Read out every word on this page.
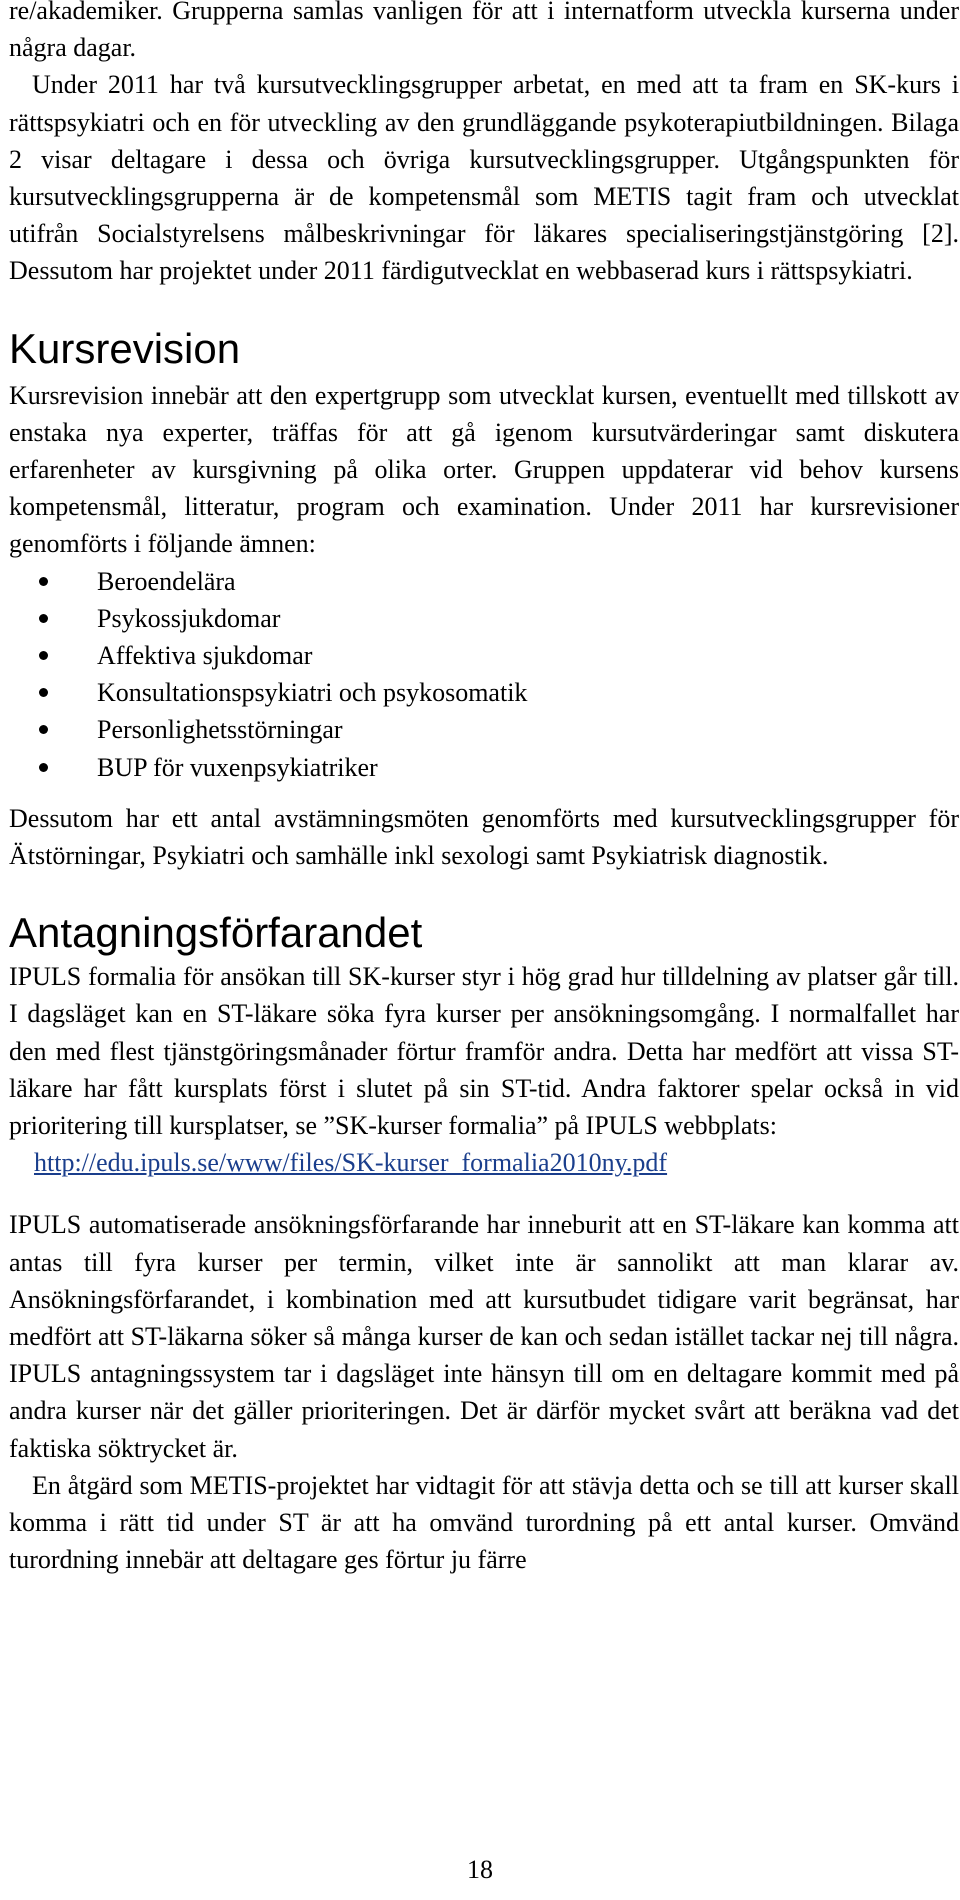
re/akademiker. Grupperna samlas vanligen för att i internatform utveckla kurserna under några dagar.

Under 2011 har två kursutvecklingsgrupper arbetat, en med att ta fram en SK-kurs i rättspsykiatri och en för utveckling av den grundläggande psykoterapiutbildningen. Bilaga 2 visar deltagare i dessa och övriga kursutvecklingsgrupper. Utgångspunkten för kursutvecklingsgrupperna är de kompetensmål som METIS tagit fram och utvecklat utifrån Socialstyrelsens målbeskrivningar för läkares specialiseringstjänstgöring [2]. Dessutom har projektet under 2011 färdigutvecklat en webbaserad kurs i rättspsykiatri.

Kursrevision

Kursrevision innebär att den expertgrupp som utvecklat kursen, eventuellt med tillskott av enstaka nya experter, träffas för att gå igenom kursutvärderingar samt diskutera erfarenheter av kursgivning på olika orter. Gruppen uppdaterar vid behov kursens kompetensmål, litteratur, program och examination. Under 2011 har kursrevisioner genomförts i följande ämnen:

Beroendelära
Psykossjukdomar
Affektiva sjukdomar
Konsultationspsykiatri och psykosomatik
Personlighetsstörningar
BUP för vuxenpsykiatriker

Dessutom har ett antal avstämningsmöten genomförts med kursutvecklingsgrupper för Ätstörningar, Psykiatri och samhälle inkl sexologi samt Psykiatrisk diagnostik.

Antagningsförfarandet

IPULS formalia för ansökan till SK-kurser styr i hög grad hur tilldelning av platser går till. I dagsläget kan en ST-läkare söka fyra kurser per ansökningsomgång. I normalfallet har den med flest tjänstgöringsmånader förtur framför andra. Detta har medfört att vissa ST-läkare har fått kursplats först i slutet på sin ST-tid. Andra faktorer spelar också in vid prioritering till kursplatser, se ”SK-kurser formalia” på IPULS webbplats:

http://edu.ipuls.se/www/files/SK-kurser_formalia2010ny.pdf

IPULS automatiserade ansökningsförfarande har inneburit att en ST-läkare kan komma att antas till fyra kurser per termin, vilket inte är sannolikt att man klarar av. Ansökningsförfarandet, i kombination med att kursutbudet tidigare varit begränsat, har medfört att ST-läkarna söker så många kurser de kan och sedan istället tackar nej till några. IPULS antagningssystem tar i dagsläget inte hänsyn till om en deltagare kommit med på andra kurser när det gäller prioriteringen. Det är därför mycket svårt att beräkna vad det faktiska söktrycket är.

En åtgärd som METIS-projektet har vidtagit för att stävja detta och se till att kurser skall komma i rätt tid under ST är att ha omvänd turordning på ett antal kurser. Omvänd turordning innebär att deltagare ges förtur ju färre

18
